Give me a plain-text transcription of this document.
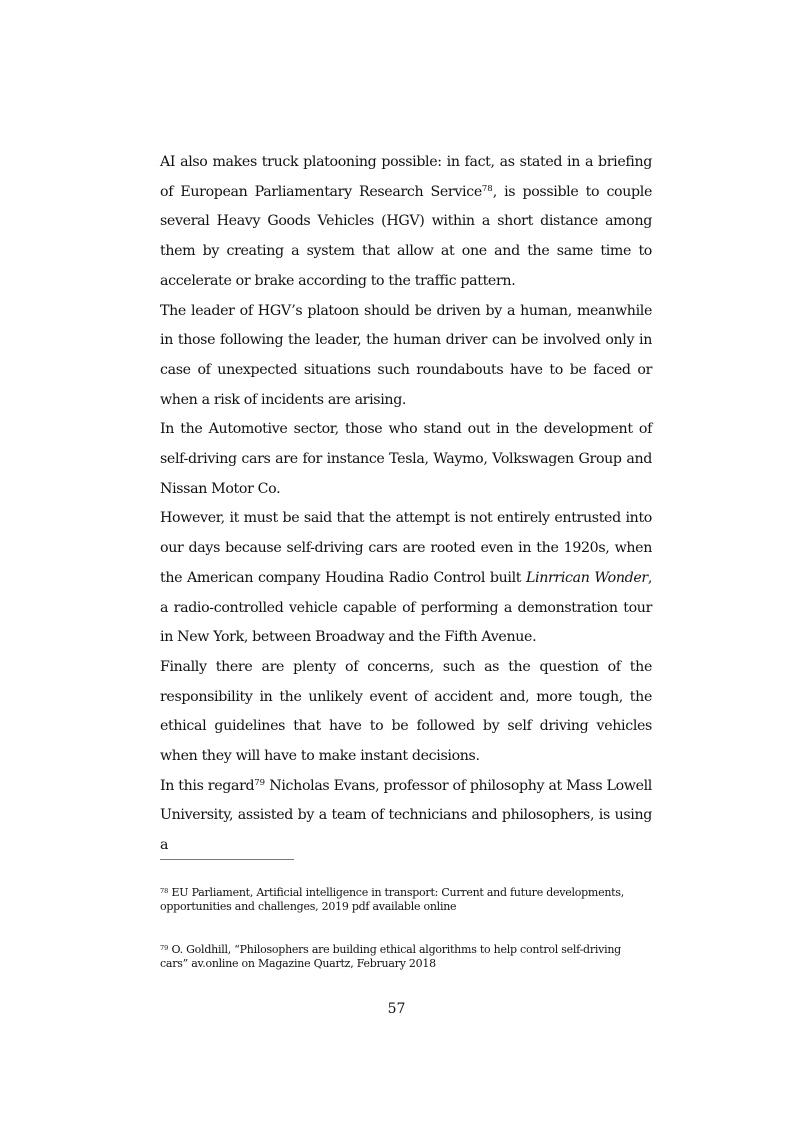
AI also makes truck platooning possible: in fact, as stated in a briefing of European Parliamentary Research Service$^{78}$, is possible to couple several Heavy Goods Vehicles (HGV) within a short distance among them by creating a system that allow at one and the same time to accelerate or brake according to the traffic pattern.

The leader of HGV’s platoon should be driven by a human, meanwhile in those following the leader, the human driver can be involved only in case of unexpected situations such roundabouts have to be faced or when a risk of incidents are arising.

In the Automotive sector, those who stand out in the development of self-driving cars are for instance Tesla, Waymo, Volkswagen Group and Nissan Motor Co.

However, it must be said that the attempt is not entirely entrusted into our days because self-driving cars are rooted even in the 1920s, when the American company Houdina Radio Control built Linrrican Wonder, a radio-controlled vehicle capable of performing a demonstration tour in New York, between Broadway and the Fifth Avenue.

Finally there are plenty of concerns, such as the question of the responsibility in the unlikely event of accident and, more tough, the ethical guidelines that have to be followed by self driving vehicles when they will have to make instant decisions.

In this regard$^{79}$ Nicholas Evans, professor of philosophy at Mass Lowell University, assisted by a team of technicians and philosophers, is using a

$^{78}$ EU Parliament, Artificial intelligence in transport: Current and future developments, opportunities and challenges, 2019 pdf available online
$^{79}$ O. Goldhill, “Philosophers are building ethical algorithms to help control self-driving cars” av.online on Magazine Quartz, February 2018
57
